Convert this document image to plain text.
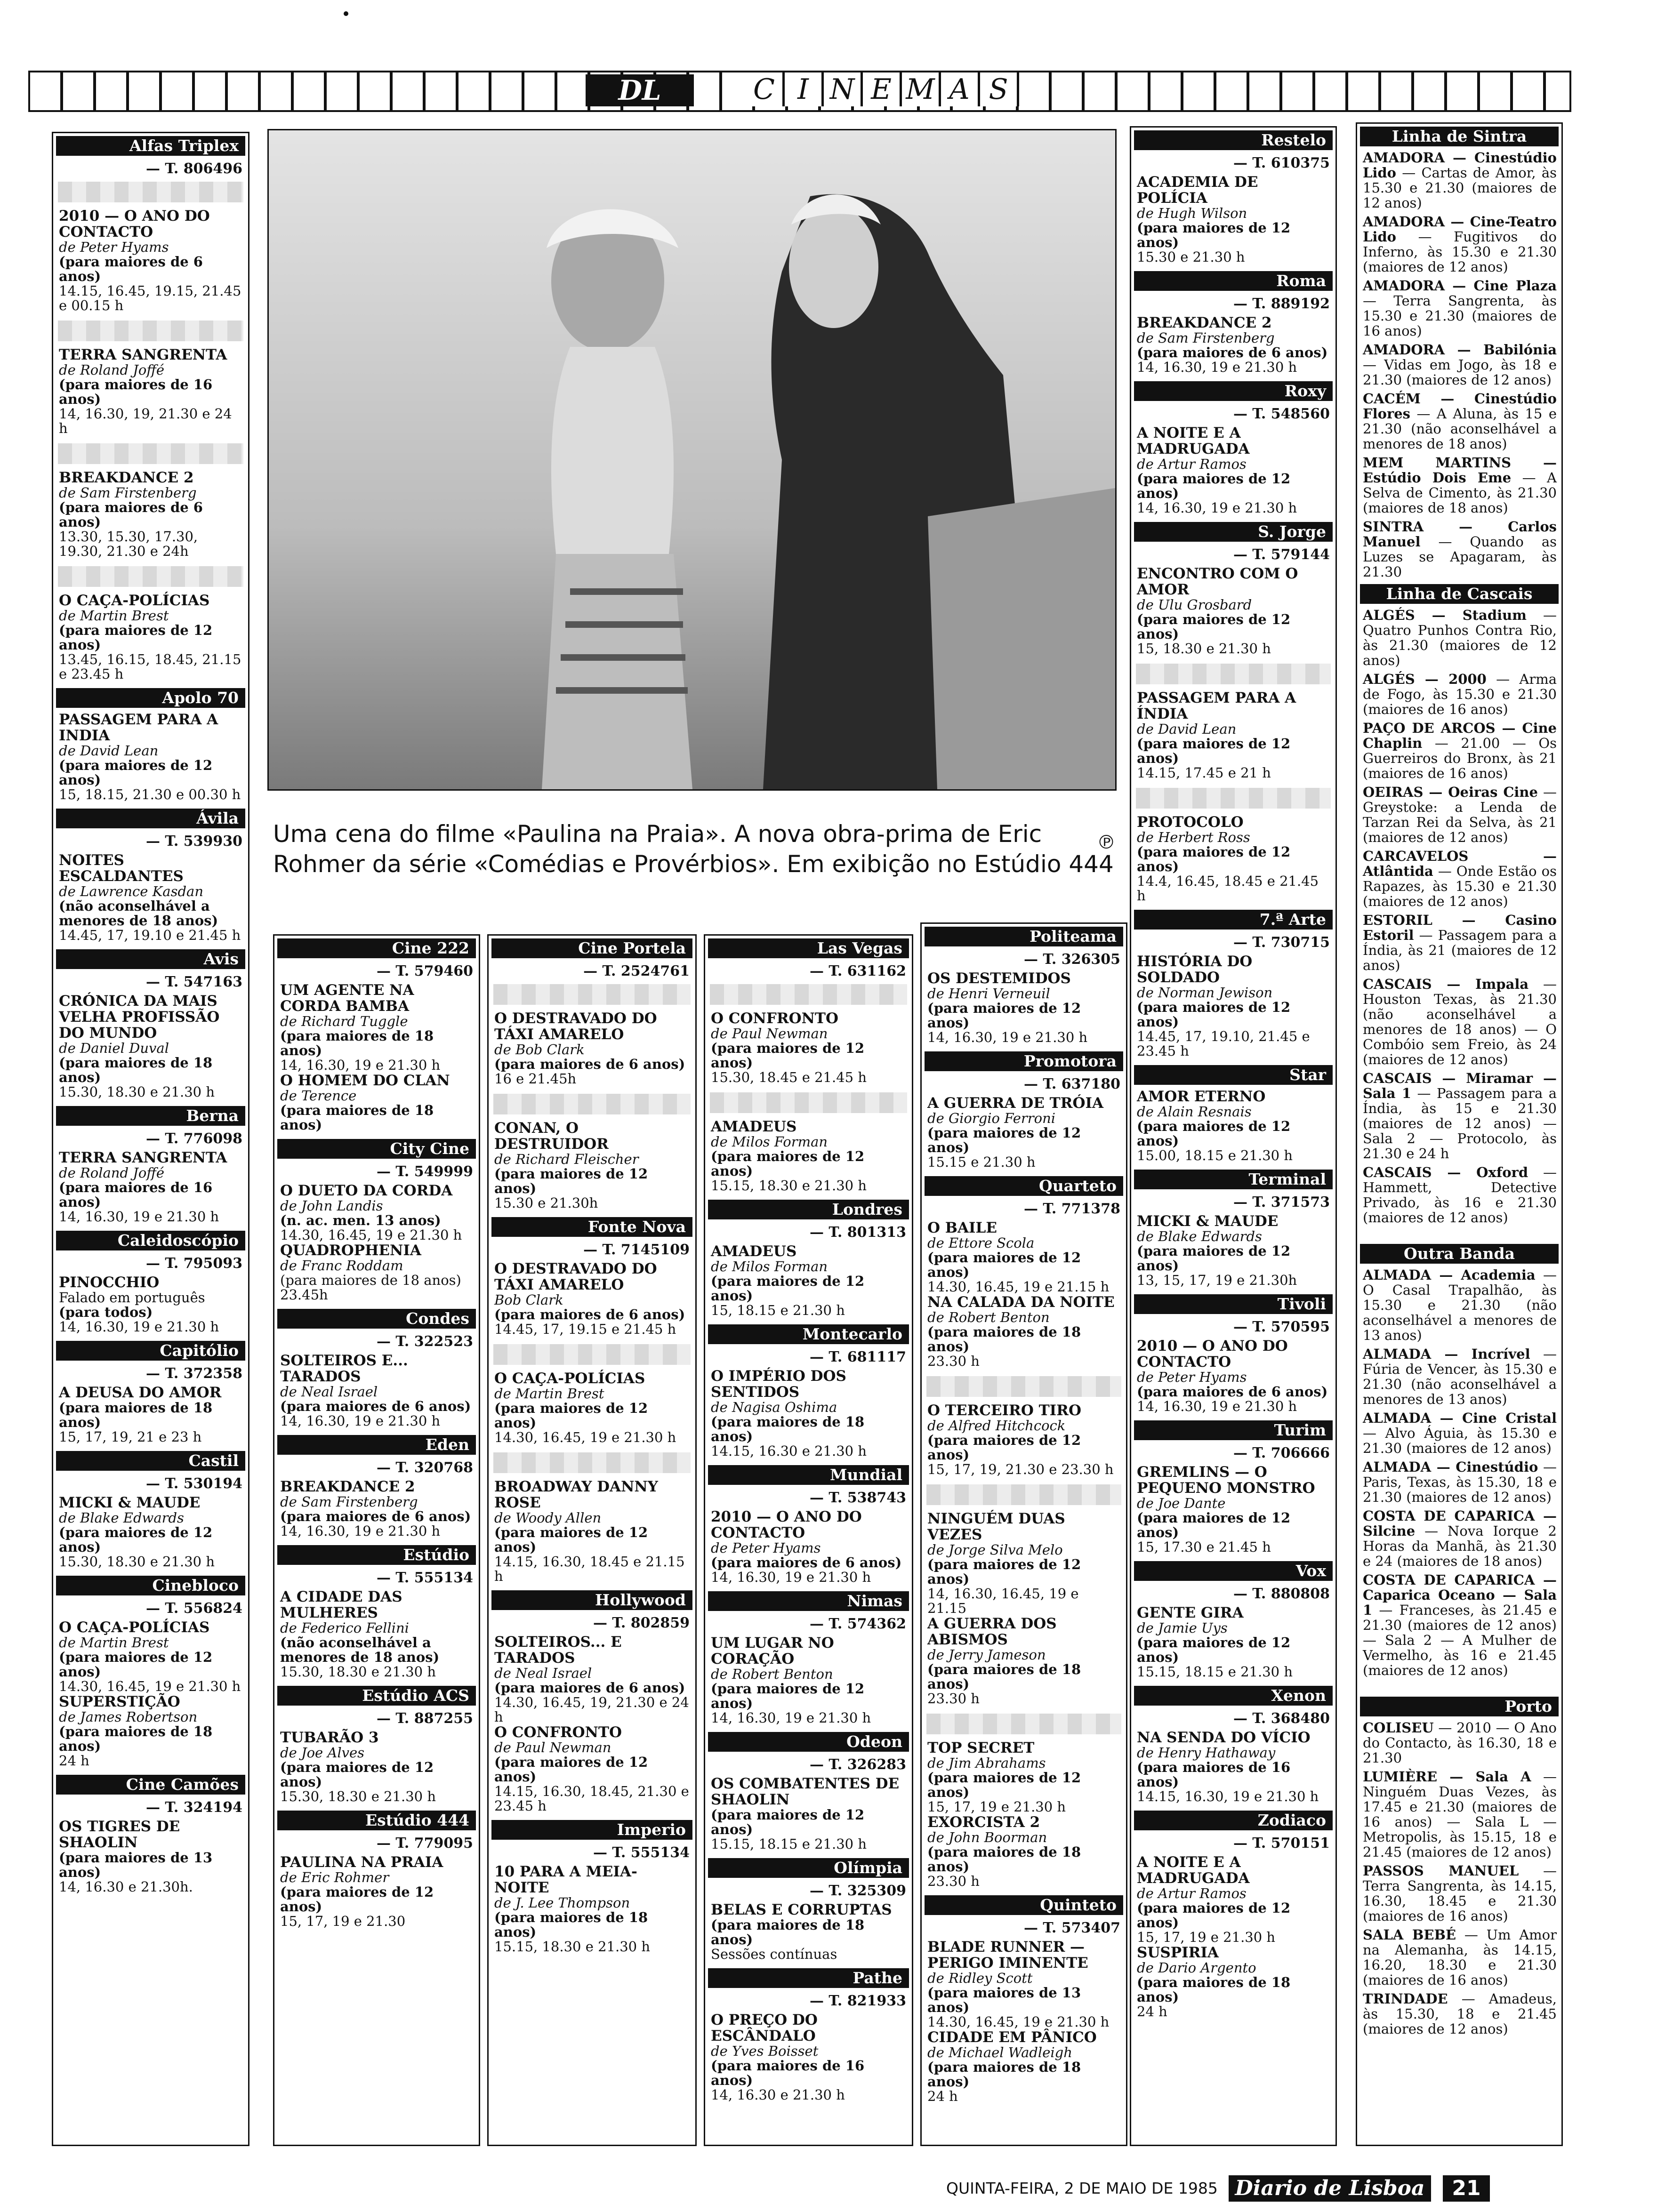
DL	C I N E M A S
Alfas Triplex
— T. 806496
2010 — O ANO DO CONTACTO
de Peter Hyams
(para maiores de 6 anos)
14.15, 16.45, 19.15, 21.45 e 00.15 h
TERRA SANGRENTA
de Roland Joffé
(para maiores de 16 anos)
14, 16.30, 19, 21.30 e 24 h
BREAKDANCE 2
de Sam Firstenberg
(para maiores de 6 anos)
13.30, 15.30, 17.30, 19.30, 21.30 e 24h
O CAÇA-POLÍCIAS
de Martin Brest
(para maiores de 12 anos)
13.45, 16.15, 18.45, 21.15 e 23.45 h
Apolo 70
PASSAGEM PARA A INDIA
de David Lean
(para maiores de 12 anos)
15, 18.15, 21.30 e 00.30 h
Ávila
— T. 539930
NOITES ESCALDANTES
de Lawrence Kasdan
(não aconselhável a menores de 18 anos)
14.45, 17, 19.10 e 21.45 h
Avis
— T. 547163
CRÓNICA DA MAIS VELHA PROFISSÃO DO MUNDO
de Daniel Duval
(para maiores de 18 anos)
15.30, 18.30 e 21.30 h
Berna
— T. 776098
TERRA SANGRENTA
de Roland Joffé
(para maiores de 16 anos)
14, 16.30, 19 e 21.30 h
Caleidoscópio
— T. 795093
PINOCCHIO
Falado em português
(para todos)
14, 16.30, 19 e 21.30 h
Capitólio
— T. 372358
A DEUSA DO AMOR
(para maiores de 18 anos)
15, 17, 19, 21 e 23 h
Castil
— T. 530194
MICKI & MAUDE
de Blake Edwards
(para maiores de 12 anos)
15.30, 18.30 e 21.30 h
Cinebloco
— T. 556824
O CAÇA-POLÍCIAS
de Martin Brest
(para maiores de 12 anos)
14.30, 16.45, 19 e 21.30 h
SUPERSTIÇÃO
de James Robertson
(para maiores de 18 anos)
24 h
Cine Camões
— T. 324194
OS TIGRES DE SHAOLIN
(para maiores de 13 anos)
14, 16.30 e 21.30h.
Uma cena do filme «Paulina na Praia». A nova obra-prima de Eric Rohmer da série «Comédias e Provérbios». Em exibição no Estúdio 444
℗
Cine 222
— T. 579460
UM AGENTE NA CORDA BAMBA
de Richard Tuggle
(para maiores de 18 anos)
14, 16.30, 19 e 21.30 h
O HOMEM DO CLAN
de Terence
(para maiores de 18 anos)
City Cine
— T. 549999
O DUETO DA CORDA
de John Landis
(n. ac. men. 13 anos)
14.30, 16.45, 19 e 21.30 h
QUADROPHENIA
de Franc Roddam
(para maiores de 18 anos)
23.45h
Condes
— T. 322523
SOLTEIROS E... TARADOS
de Neal Israel
(para maiores de 6 anos)
14, 16.30, 19 e 21.30 h
Eden
— T. 320768
BREAKDANCE 2
de Sam Firstenberg
(para maiores de 6 anos)
14, 16.30, 19 e 21.30 h
Estúdio
— T. 555134
A CIDADE DAS MULHERES
de Federico Fellini
(não aconselhável a menores de 18 anos)
15.30, 18.30 e 21.30 h
Estúdio ACS
— T. 887255
TUBARÃO 3
de Joe Alves
(para maiores de 12 anos)
15.30, 18.30 e 21.30 h
Estúdio 444
— T. 779095
PAULINA NA PRAIA
de Eric Rohmer
(para maiores de 12 anos)
15, 17, 19 e 21.30
Cine Portela
— T. 2524761
O DESTRAVADO DO TÁXI AMARELO
de Bob Clark
(para maiores de 6 anos)
16 e 21.45h
CONAN, O DESTRUIDOR
de Richard Fleischer
(para maiores de 12 anos)
15.30 e 21.30h
Fonte Nova
— T. 7145109
O DESTRAVADO DO TÁXI AMARELO
Bob Clark
(para maiores de 6 anos)
14.45, 17, 19.15 e 21.45 h
O CAÇA-POLÍCIAS
de Martin Brest
(para maiores de 12 anos)
14.30, 16.45, 19 e 21.30 h
BROADWAY DANNY ROSE
de Woody Allen
(para maiores de 12 anos)
14.15, 16.30, 18.45 e 21.15 h
Hollywood
— T. 802859
SOLTEIROS... E TARADOS
de Neal Israel
(para maiores de 6 anos)
14.30, 16.45, 19, 21.30 e 24 h
O CONFRONTO
de Paul Newman
(para maiores de 12 anos)
14.15, 16.30, 18.45, 21.30 e 23.45 h
Imperio
— T. 555134
10 PARA A MEIA-NOITE
de J. Lee Thompson
(para maiores de 18 anos)
15.15, 18.30 e 21.30 h
Las Vegas
— T. 631162
O CONFRONTO
de Paul Newman
(para maiores de 12 anos)
15.30, 18.45 e 21.45 h
AMADEUS
de Milos Forman
(para maiores de 12 anos)
15.15, 18.30 e 21.30 h
Londres
— T. 801313
AMADEUS
de Milos Forman
(para maiores de 12 anos)
15, 18.15 e 21.30 h
Montecarlo
— T. 681117
O IMPÉRIO DOS SENTIDOS
de Nagisa Oshima
(para maiores de 18 anos)
14.15, 16.30 e 21.30 h
Mundial
— T. 538743
2010 — O ANO DO CONTACTO
de Peter Hyams
(para maiores de 6 anos)
14, 16.30, 19 e 21.30 h
Nimas
— T. 574362
UM LUGAR NO CORAÇÃO
de Robert Benton
(para maiores de 12 anos)
14, 16.30, 19 e 21.30 h
Odeon
— T. 326283
OS COMBATENTES DE SHAOLIN
(para maiores de 12 anos)
15.15, 18.15 e 21.30 h
Olímpia
— T. 325309
BELAS E CORRUPTAS
(para maiores de 18 anos)
Sessões contínuas
Pathe
— T. 821933
O PREÇO DO ESCÂNDALO
de Yves Boisset
(para maiores de 16 anos)
14, 16.30 e 21.30 h
Politeama
— T. 326305
OS DESTEMIDOS
de Henri Verneuil
(para maiores de 12 anos)
14, 16.30, 19 e 21.30 h
Promotora
— T. 637180
A GUERRA DE TRÓIA
de Giorgio Ferroni
(para maiores de 12 anos)
15.15 e 21.30 h
Quarteto
— T. 771378
O BAILE
de Ettore Scola
(para maiores de 12 anos)
14.30, 16.45, 19 e 21.15 h
NA CALADA DA NOITE
de Robert Benton
(para maiores de 18 anos)
23.30 h
O TERCEIRO TIRO
de Alfred Hitchcock
(para maiores de 12 anos)
15, 17, 19, 21.30 e 23.30 h
NINGUÉM DUAS VEZES
de Jorge Silva Melo
(para maiores de 12 anos)
14, 16.30, 16.45, 19 e 21.15
A GUERRA DOS ABISMOS
de Jerry Jameson
(para maiores de 18 anos)
23.30 h
TOP SECRET
de Jim Abrahams
(para maiores de 12 anos)
15, 17, 19 e 21.30 h
EXORCISTA 2
de John Boorman
(para maiores de 18 anos)
23.30 h
Quinteto
— T. 573407
BLADE RUNNER — PERIGO IMINENTE
de Ridley Scott
(para maiores de 13 anos)
14.30, 16.45, 19 e 21.30 h
CIDADE EM PÂNICO
de Michael Wadleigh
(para maiores de 18 anos)
24 h
Restelo
— T. 610375
ACADEMIA DE POLÍCIA
de Hugh Wilson
(para maiores de 12 anos)
15.30 e 21.30 h
Roma
— T. 889192
BREAKDANCE 2
de Sam Firstenberg
(para maiores de 6 anos)
14, 16.30, 19 e 21.30 h
Roxy
— T. 548560
A NOITE E A MADRUGADA
de Artur Ramos
(para maiores de 12 anos)
14, 16.30, 19 e 21.30 h
S. Jorge
— T. 579144
ENCONTRO COM O AMOR
de Ulu Grosbard
(para maiores de 12 anos)
15, 18.30 e 21.30 h
PASSAGEM PARA A ÍNDIA
de David Lean
(para maiores de 12 anos)
14.15, 17.45 e 21 h
PROTOCOLO
de Herbert Ross
(para maiores de 12 anos)
14.4, 16.45, 18.45 e 21.45 h
7.ª Arte
— T. 730715
HISTÓRIA DO SOLDADO
de Norman Jewison
(para maiores de 12 anos)
14.45, 17, 19.10, 21.45 e 23.45 h
Star
AMOR ETERNO
de Alain Resnais
(para maiores de 12 anos)
15.00, 18.15 e 21.30 h
Terminal
— T. 371573
MICKI & MAUDE
de Blake Edwards
(para maiores de 12 anos)
13, 15, 17, 19 e 21.30h
Tivoli
— T. 570595
2010 — O ANO DO CONTACTO
de Peter Hyams
(para maiores de 6 anos)
14, 16.30, 19 e 21.30 h
Turim
— T. 706666
GREMLINS — O PEQUENO MONSTRO
de Joe Dante
(para maiores de 12 anos)
15, 17.30 e 21.45 h
Vox
— T. 880808
GENTE GIRA
de Jamie Uys
(para maiores de 12 anos)
15.15, 18.15 e 21.30 h
Xenon
— T. 368480
NA SENDA DO VÍCIO
de Henry Hathaway
(para maiores de 16 anos)
14.15, 16.30, 19 e 21.30 h
Zodiaco
— T. 570151
A NOITE E A MADRUGADA
de Artur Ramos
(para maiores de 12 anos)
15, 17, 19 e 21.30 h
SUSPIRIA
de Dario Argento
(para maiores de 18 anos)
24 h
Linha de Sintra
AMADORA — Cinestúdio Lido — Cartas de Amor, às 15.30 e 21.30 (maiores de 12 anos)
AMADORA — Cine-Teatro Lido — Fugitivos do Inferno, às 15.30 e 21.30 (maiores de 12 anos)
AMADORA — Cine Plaza — Terra Sangrenta, às 15.30 e 21.30 (maiores de 16 anos)
AMADORA — Babilónia — Vidas em Jogo, às 18 e 21.30 (maiores de 12 anos)
CACÉM — Cinestúdio Flores — A Aluna, às 15 e 21.30 (não aconselhável a menores de 18 anos)
MEM MARTINS — Estúdio Dois Eme — A Selva de Cimento, às 21.30 (maiores de 18 anos)
SINTRA — Carlos Manuel — Quando as Luzes se Apagaram, às 21.30
Linha de Cascais
ALGÉS — Stadium — Quatro Punhos Contra Rio, às 21.30 (maiores de 12 anos)
ALGÉS — 2000 — Arma de Fogo, às 15.30 e 21.30 (maiores de 16 anos)
PAÇO DE ARCOS — Cine Chaplin — 21.00 — Os Guerreiros do Bronx, às 21 (maiores de 16 anos)
OEIRAS — Oeiras Cine — Greystoke: a Lenda de Tarzan Rei da Selva, às 21 (maiores de 12 anos)
CARCAVELOS — Atlântida — Onde Estão os Rapazes, às 15.30 e 21.30 (maiores de 12 anos)
ESTORIL — Casino Estoril — Passagem para a Índia, às 21 (maiores de 12 anos)
CASCAIS — Impala — Houston Texas, às 21.30 (não aconselhável a menores de 18 anos) — O Combóio sem Freio, às 24 (maiores de 12 anos)
CASCAIS — Miramar — Sala 1 — Passagem para a Índia, às 15 e 21.30 (maiores de 12 anos) — Sala 2 — Protocolo, às 21.30 e 24 h
CASCAIS — Oxford — Hammett, Detective Privado, às 16 e 21.30 (maiores de 12 anos)
Outra Banda
ALMADA — Academia — O Casal Trapalhão, às 15.30 e 21.30 (não aconselhável a menores de 13 anos)
ALMADA — Incrível — Fúria de Vencer, às 15.30 e 21.30 (não aconselhável a menores de 13 anos)
ALMADA — Cine Cristal — Alvo Águia, às 15.30 e 21.30 (maiores de 12 anos)
ALMADA — Cinestúdio — Paris, Texas, às 15.30, 18 e 21.30 (maiores de 12 anos)
COSTA DE CAPARICA — Silcine — Nova Iorque 2 Horas da Manhã, às 21.30 e 24 (maiores de 18 anos)
COSTA DE CAPARICA — Caparica Oceano — Sala 1 — Franceses, às 21.45 e 21.30 (maiores de 12 anos) — Sala 2 — A Mulher de Vermelho, às 16 e 21.45 (maiores de 12 anos)
Porto
COLISEU — 2010 — O Ano do Contacto, às 16.30, 18 e 21.30
LUMIÈRE — Sala A — Ninguém Duas Vezes, às 17.45 e 21.30 (maiores de 16 anos) — Sala L — Metropolis, às 15.15, 18 e 21.45 (maiores de 12 anos)
PASSOS MANUEL — Terra Sangrenta, às 14.15, 16.30, 18.45 e 21.30 (maiores de 16 anos)
SALA BEBÉ — Um Amor na Alemanha, às 14.15, 16.20, 18.30 e 21.30 (maiores de 16 anos)
TRINDADE — Amadeus, às 15.30, 18 e 21.45 (maiores de 12 anos)
QUINTA-FEIRA, 2 DE MAIO DE 1985 Diario de Lisboa	21
